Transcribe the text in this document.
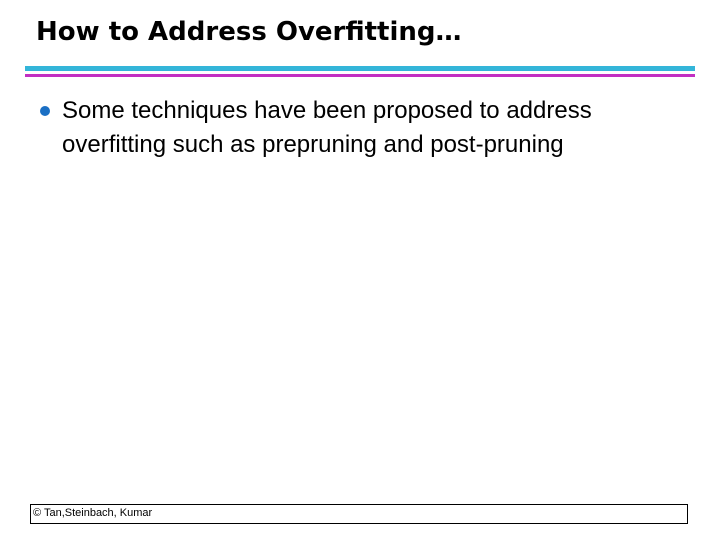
How to Address Overfitting…
Some techniques have been proposed to address overfitting such as prepruning and post-pruning
© Tan,Steinbach, Kumar
